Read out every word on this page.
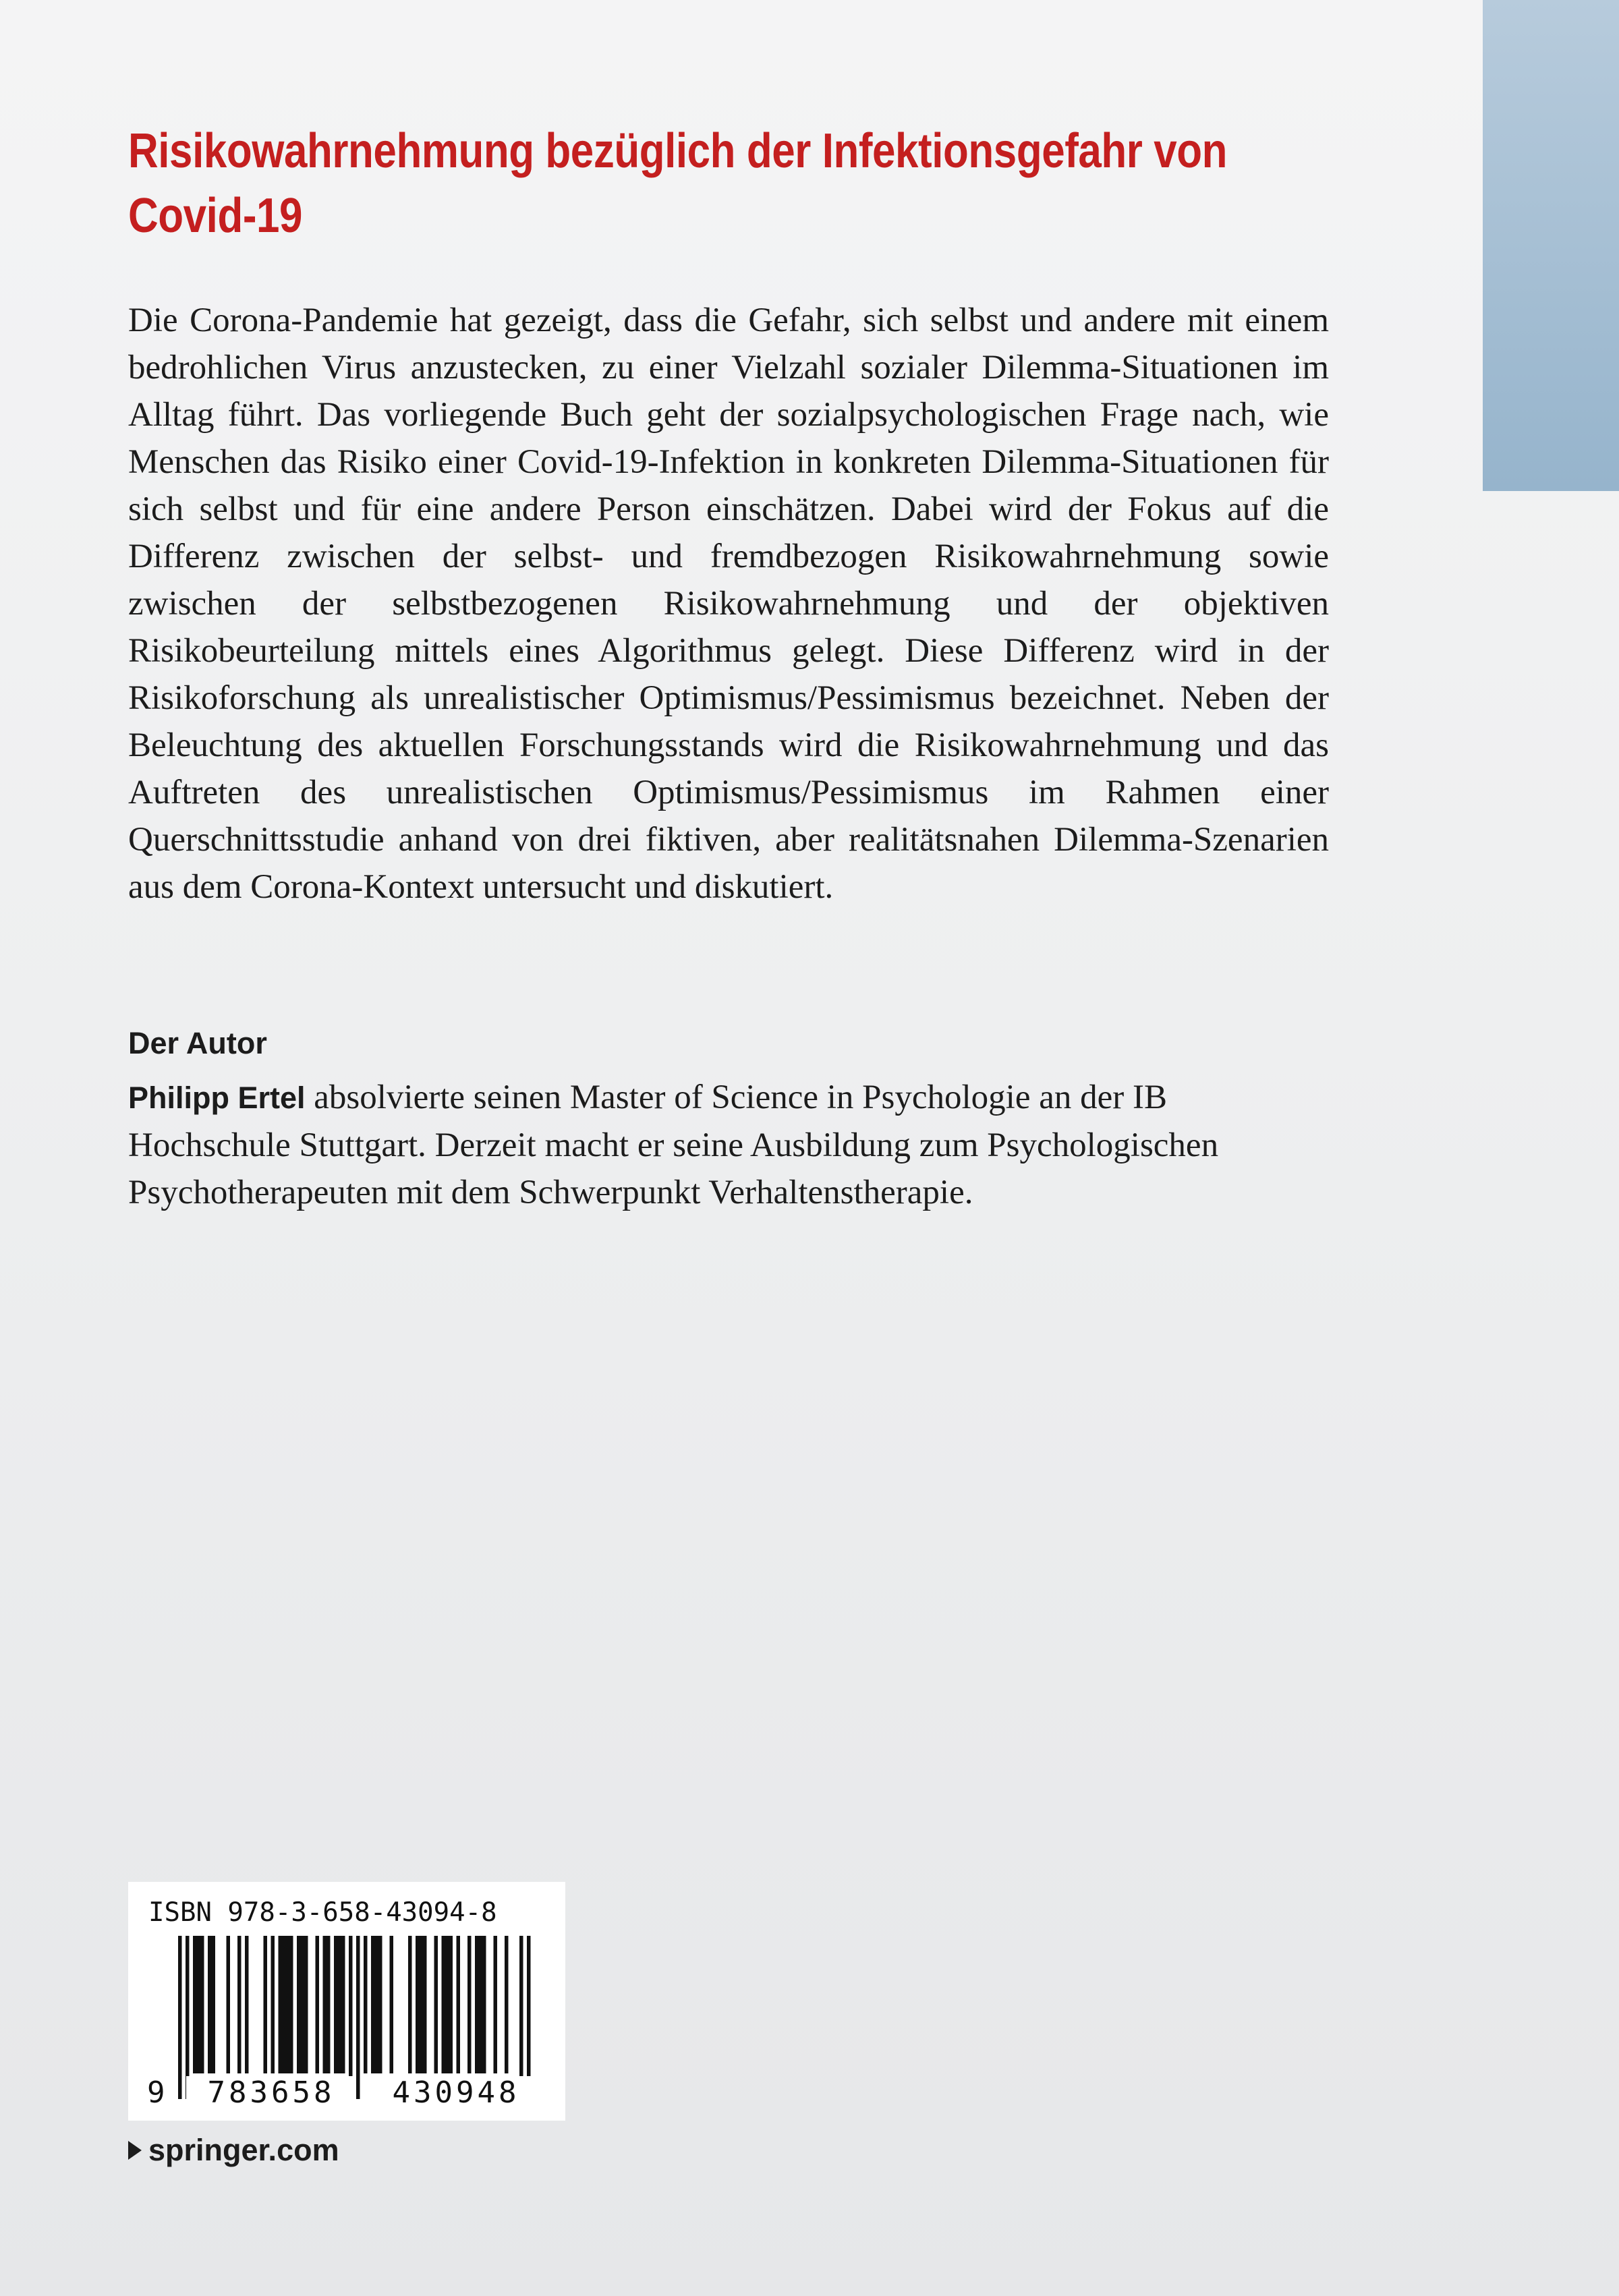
Risikowahrnehmung bezüglich der Infektionsgefahr von Covid-19

Die Corona-Pandemie hat gezeigt, dass die Gefahr, sich selbst und andere mit einem bedrohlichen Virus anzustecken, zu einer Vielzahl sozialer Dilemma-Situationen im Alltag führt. Das vorliegende Buch geht der sozialpsychologischen Frage nach, wie Menschen das Risiko einer Covid-19-Infektion in konkreten Dilemma-Situationen für sich selbst und für eine andere Person einschätzen. Dabei wird der Fokus auf die Differenz zwischen der selbst- und fremdbezogen Risikowahrnehmung sowie zwischen der selbstbezogenen Risikowahrnehmung und der objektiven Risikobeurteilung mittels eines Algorithmus gelegt. Diese Differenz wird in der Risikoforschung als unrealistischer Optimismus/Pessimismus bezeichnet. Neben der Beleuchtung des aktuellen Forschungsstands wird die Risikowahrnehmung und das Auftreten des unrealistischen Optimismus/Pessimismus im Rahmen einer Querschnittsstudie anhand von drei fiktiven, aber realitätsnahen Dilemma-Szenarien aus dem Corona-Kontext untersucht und diskutiert.

Der Autor

Philipp Ertel absolvierte seinen Master of Science in Psychologie an der IB Hochschule Stuttgart. Derzeit macht er seine Ausbildung zum Psychologischen Psychotherapeuten mit dem Schwerpunkt Verhaltenstherapie.

ISBN 978-3-658-43094-8
9	783658	430948
springer.com
